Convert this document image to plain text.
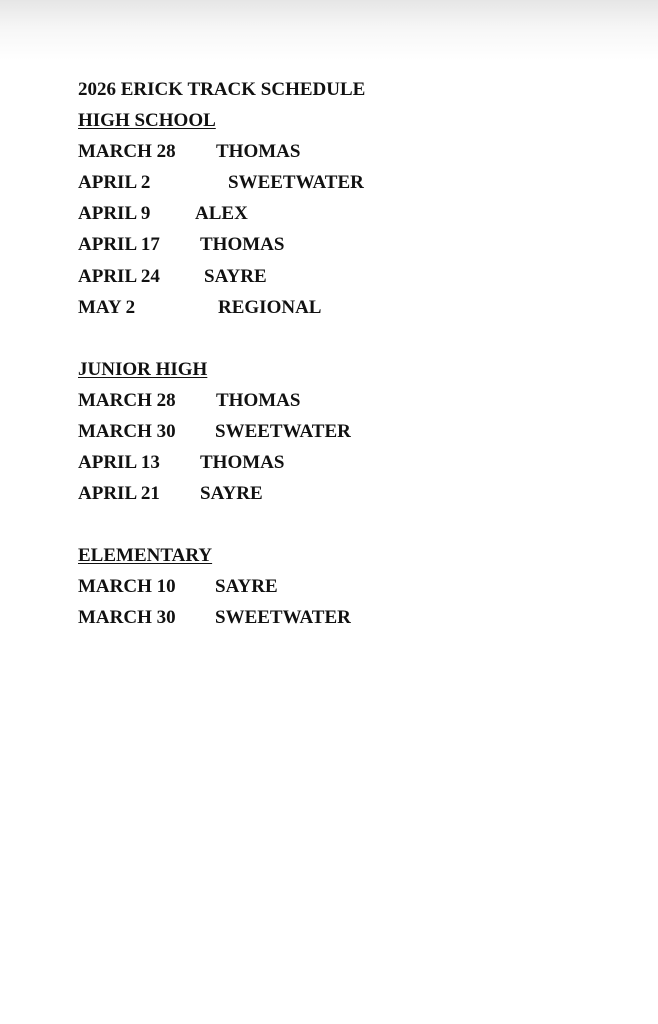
2026 ERICK TRACK SCHEDULE
HIGH SCHOOL
MARCH 28 THOMAS
APRIL 2	SWEETWATER
APRIL 9 ALEX
APRIL 17 THOMAS
APRIL 24 SAYRE
MAY 2	REGIONAL
JUNIOR HIGH
MARCH 28 THOMAS
MARCH 30 SWEETWATER
APRIL 13 THOMAS
APRIL 21 SAYRE
ELEMENTARY
MARCH 10 SAYRE
MARCH 30 SWEETWATER
